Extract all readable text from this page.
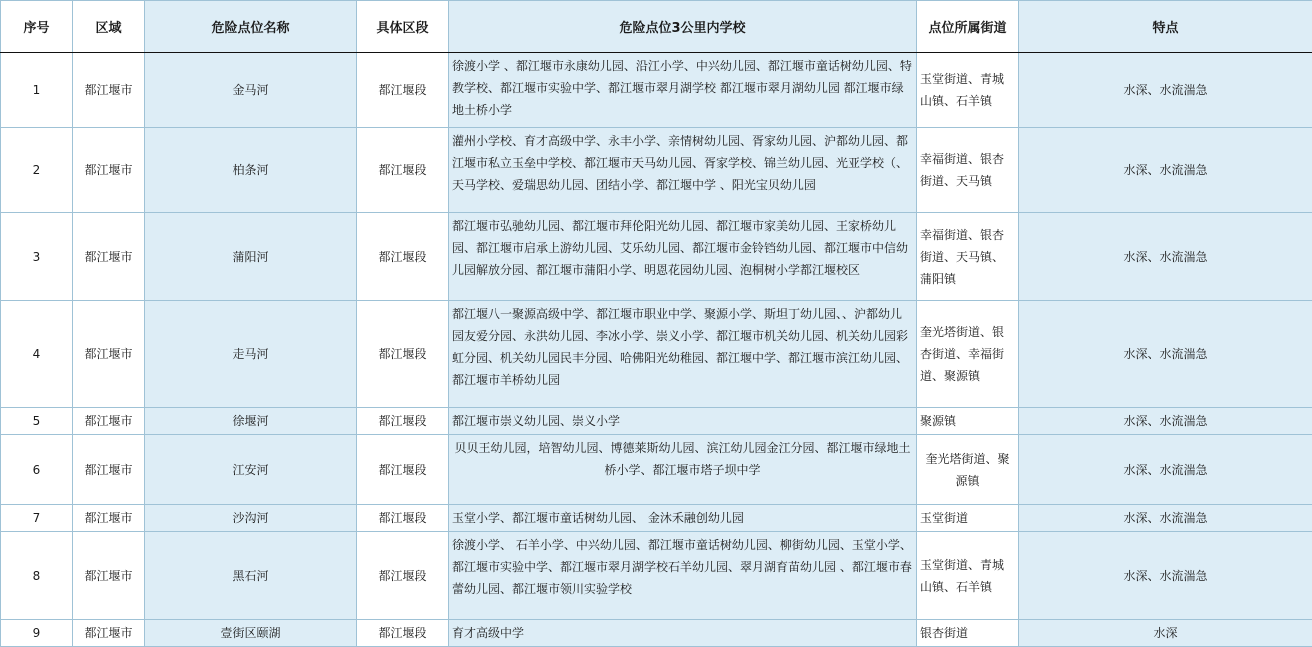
序号	区域	危险点位名称	具体区段	危险点位3公里内学校	点位所属街道	特点
1	都江堰市	金马河	都江堰段	徐渡小学 、都江堰市永康幼儿园、沿江小学、中兴幼儿园、都江堰市童话树幼儿园、特教学校、都江堰市实验中学、都江堰市翠月湖学校 都江堰市翠月湖幼儿园 都江堰市绿地土桥小学	玉堂街道、青城山镇、石羊镇	水深、水流湍急
2	都江堰市	柏条河	都江堰段	灌州小学校、育才高级中学、永丰小学、亲情树幼儿园、胥家幼儿园、沪都幼儿园、都江堰市私立玉垒中学校、都江堰市天马幼儿园、胥家学校、锦兰幼儿园、光亚学校（、天马学校、爱瑞思幼儿园、团结小学、都江堰中学 、阳光宝贝幼儿园	幸福街道、银杏街道、天马镇	水深、水流湍急
3	都江堰市	蒲阳河	都江堰段	都江堰市弘驰幼儿园、都江堰市拜伦阳光幼儿园、都江堰市家美幼儿园、王家桥幼儿园、都江堰市启承上游幼儿园、艾乐幼儿园、都江堰市金铃铛幼儿园、都江堰市中信幼儿园解放分园、都江堰市蒲阳小学、明恩花园幼儿园、泡桐树小学都江堰校区	幸福街道、银杏街道、天马镇、蒲阳镇	水深、水流湍急
4	都江堰市	走马河	都江堰段	都江堰八一聚源高级中学、都江堰市职业中学、聚源小学、斯坦丁幼儿园、、沪都幼儿园友爱分园、永洪幼儿园、李冰小学、崇义小学、都江堰市机关幼儿园、机关幼儿园彩虹分园、机关幼儿园民丰分园、哈佛阳光幼稚园、都江堰中学、都江堰市滨江幼儿园、都江堰市羊桥幼儿园	奎光塔街道、银杏街道、幸福街道、聚源镇	水深、水流湍急
5	都江堰市	徐堰河	都江堰段	都江堰市崇义幼儿园、崇义小学	聚源镇	水深、水流湍急
6	都江堰市	江安河	都江堰段	贝贝王幼儿园，培智幼儿园、博德莱斯幼儿园、滨江幼儿园金江分园、都江堰市绿地土桥小学、都江堰市塔子坝中学	奎光塔街道、聚源镇	水深、水流湍急
7	都江堰市	沙沟河	都江堰段	玉堂小学、都江堰市童话树幼儿园、 金沐禾融创幼儿园	玉堂街道	水深、水流湍急
8	都江堰市	黑石河	都江堰段	徐渡小学、 石羊小学、中兴幼儿园、都江堰市童话树幼儿园、柳街幼儿园、玉堂小学、都江堰市实验中学、都江堰市翠月湖学校石羊幼儿园、翠月湖育苗幼儿园 、都江堰市春蕾幼儿园、都江堰市领川实验学校	玉堂街道、青城山镇、石羊镇	水深、水流湍急
9	都江堰市	壹街区颐湖	都江堰段	育才高级中学	银杏街道	水深
